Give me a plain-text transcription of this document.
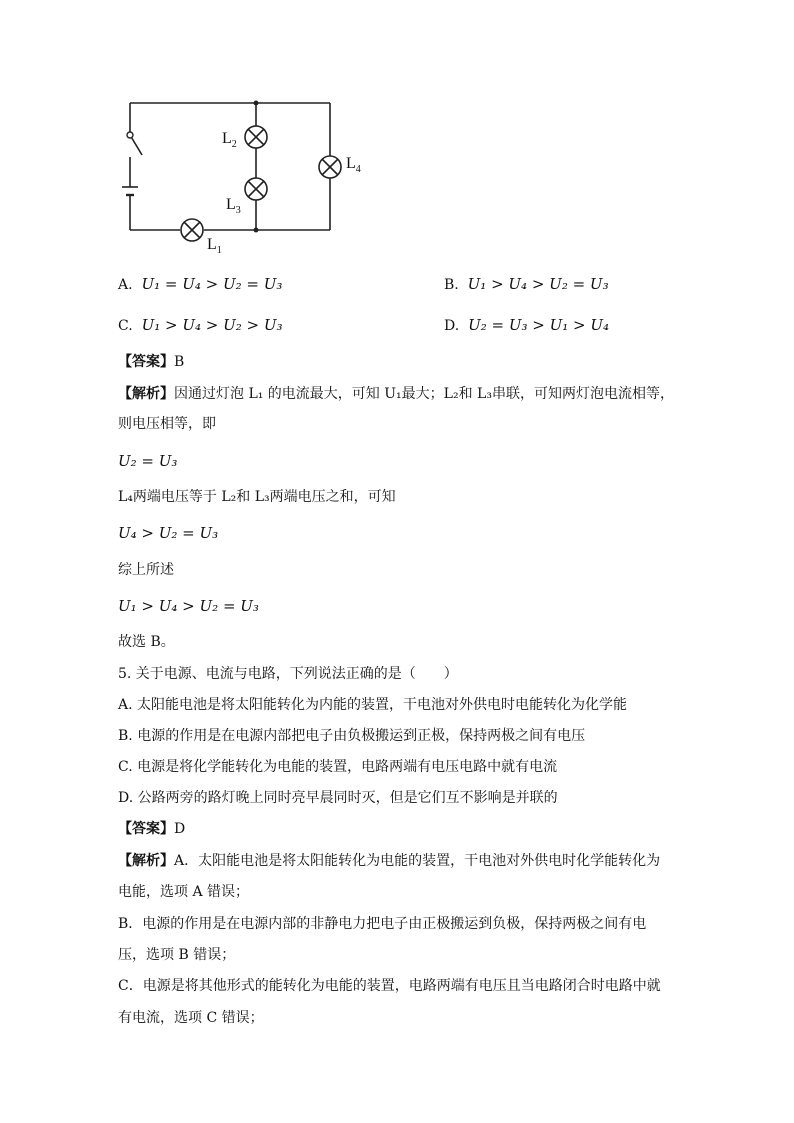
$L_2$
$L_3$
$L_4$
$L_1$
A. U₁ = U₄ > U₂ = U₃	B. U₁ > U₄ > U₂ = U₃
C. U₁ > U₄ > U₂ > U₃	D. U₂ = U₃ > U₁ > U₄
【答案】B
【解析】因通过灯泡 L₁ 的电流最大，可知 U₁最大；L₂和 L₃串联，可知两灯泡电流相等，
则电压相等，即
U₂ = U₃
L₄两端电压等于 L₂和 L₃两端电压之和，可知
U₄ > U₂ = U₃
综上所述
U₁ > U₄ > U₂ = U₃
故选 B。
5. 关于电源、电流与电路，下列说法正确的是（　　）
A. 太阳能电池是将太阳能转化为内能的装置，干电池对外供电时电能转化为化学能
B. 电源的作用是在电源内部把电子由负极搬运到正极，保持两极之间有电压
C. 电源是将化学能转化为电能的装置，电路两端有电压电路中就有电流
D. 公路两旁的路灯晚上同时亮早晨同时灭，但是它们互不影响是并联的
【答案】D
【解析】A．太阳能电池是将太阳能转化为电能的装置，干电池对外供电时化学能转化为
电能，选项 A 错误；
B．电源的作用是在电源内部的非静电力把电子由正极搬运到负极，保持两极之间有电
压，选项 B 错误；
C．电源是将其他形式的能转化为电能的装置，电路两端有电压且当电路闭合时电路中就
有电流，选项 C 错误；
